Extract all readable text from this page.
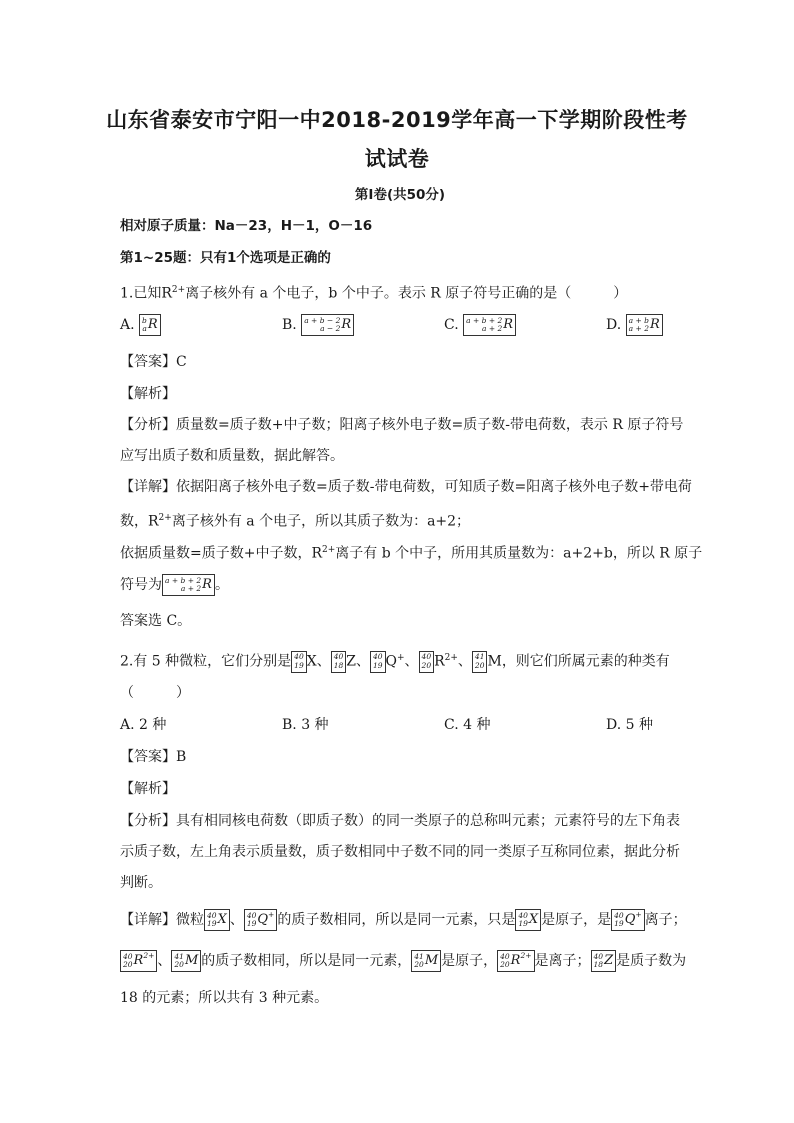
山东省泰安市宁阳一中2018-2019学年高一下学期阶段性考
试试卷
第Ⅰ卷(共50分)
相对原子质量：Na－23，H－1，O－16
第1~25题：只有1个选项是正确的
1.已知$R^{2+}$离子核外有 a 个电子，b 个中子。表示 R 原子符号正确的是（　　　）
A. b
a R	B. a + b − 2
a − 2 R	C. a + b + 2
a + 2 R	D. a + b
a + 2 R
【答案】C
【解析】
【分析】质量数=质子数+中子数；阳离子核外电子数=质子数-带电荷数，表示 R 原子符号
应写出质子数和质量数，据此解答。
【详解】依据阳离子核外电子数=质子数-带电荷数，可知质子数=阳离子核外电子数+带电荷
数，$R^{2+}$离子核外有 a 个电子，所以其质子数为：a+2；
依据质量数=质子数+中子数，$R^{2+}$离子有 b 个中子，所用其质量数为：a+2+b，所以 R 原子
符号为 a + b + 2
a + 2 R 。
答案选 C。
2.有 5 种微粒，它们分别是 40
19 X、 40
18 Z、 40
19 Q+、 40
20 $R^{2+}$、 41
20 M，则它们所属元素的种类有
（　　　）
A. 2 种	B. 3 种	C. 4 种	D. 5 种
【答案】B
【解析】
【分析】具有相同核电荷数（即质子数）的同一类原子的总称叫元素；元素符号的左下角表
示质子数，左上角表示质量数，质子数相同中子数不同的同一类原子互称同位素，据此分析
判断。
【详解】微粒 40
19 X 、 40
19 Q+ 的质子数相同，所以是同一元素，只是 40
19 X 是原子，是 40
19 Q+ 离子；
40
20 $R^{2+}$ 、 41
20 M 的质子数相同，所以是同一元素， 41
20 M 是原子， 40
20 $R^{2+}$ 是离子； 40
18 Z 是质子数为
18 的元素；所以共有 3 种元素。
